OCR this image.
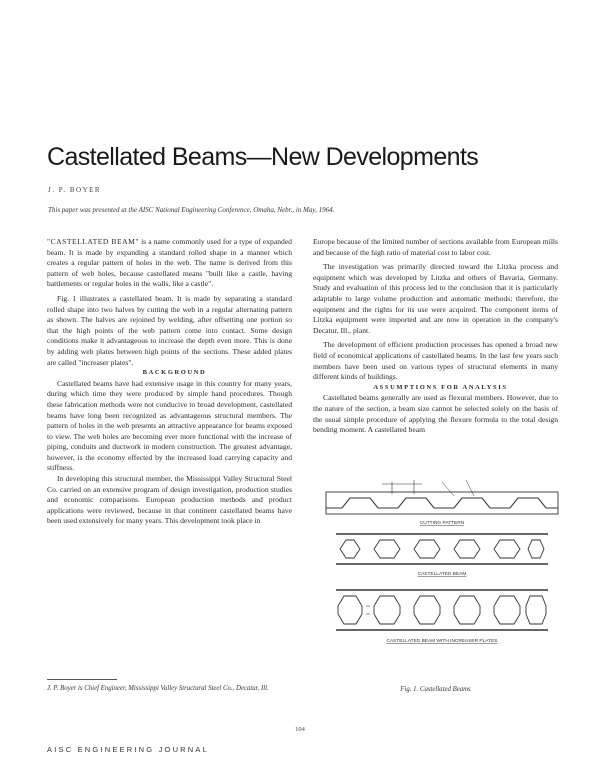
Castellated Beams—New Developments
J. P. BOYER
This paper was presented at the AISC National Engineering Conference, Omaha, Nebr., in May, 1964.

"CASTELLATED BEAM" is a name commonly used for a type of expanded beam. It is made by expanding a standard rolled shape in a manner which creates a regular pattern of holes in the web. The name is derived from this pattern of web holes, because castellated means "built like a castle, having battlements or regular holes in the walls, like a castle".

Fig. 1 illustrates a castellated beam. It is made by separating a standard rolled shape into two halves by cutting the web in a regular alternating pattern as shown. The halves are rejoined by welding, after offsetting one portion so that the high points of the web pattern come into contact. Some design conditions make it advantageous to increase the depth even more. This is done by adding web plates between high points of the sections. These added plates are called "increaser plates".

BACKGROUND

Castellated beams have had extensive usage in this country for many years, during which time they were produced by simple hand procedures. Though these fabrication methods were not conducive to broad development, castellated beams have long been recognized as advantageous structural members. The pattern of holes in the web presents an attractive appearance for beams exposed to view. The web holes are becoming ever more functional with the increase of piping, conduits and ductwork in modern construction. The greatest advantage, however, is the economy effected by the increased load carrying capacity and stiffness.

In developing this structural member, the Mississippi Valley Structural Steel Co. carried on an extensive program of design investigation, production studies and economic comparisons. European production methods and product applications were reviewed, because in that continent castellated beams have been used extensively for many years. This development took place in

J. P. Boyer is Chief Engineer, Mississippi Valley Structural Steel Co., Decatur, Ill.

Europe because of the limited number of sections available from European mills and because of the high ratio of material cost to labor cost.

The investigation was primarily directed toward the Litzka process and equipment which was developed by Litzka and others of Bavaria, Germany. Study and evaluation of this process led to the conclusion that it is particularly adaptable to large volume production and automatic methods; therefore, the equipment and the rights for its use were acquired. The component items of Litzka equipment were imported and are now in operation in the company's Decatur, Ill., plant.

The development of efficient production processes has opened a broad new field of economical applications of castellated beams. In the last few years such members have been used on various types of structural elements in many different kinds of buildings.

ASSUMPTIONS FOR ANALYSIS

Castellated beams generally are used as flexural members. However, due to the nature of the section, a beam size cannot be selected solely on the basis of the usual simple procedure of applying the flexure formula to the total design bending moment. A castellated beam

CUTTING PATTERN
CASTELLATED BEAM
CASTELLATED BEAM WITH INCREASER PLATES
Fig. 1. Castellated Beams
104
AISC ENGINEERING JOURNAL
